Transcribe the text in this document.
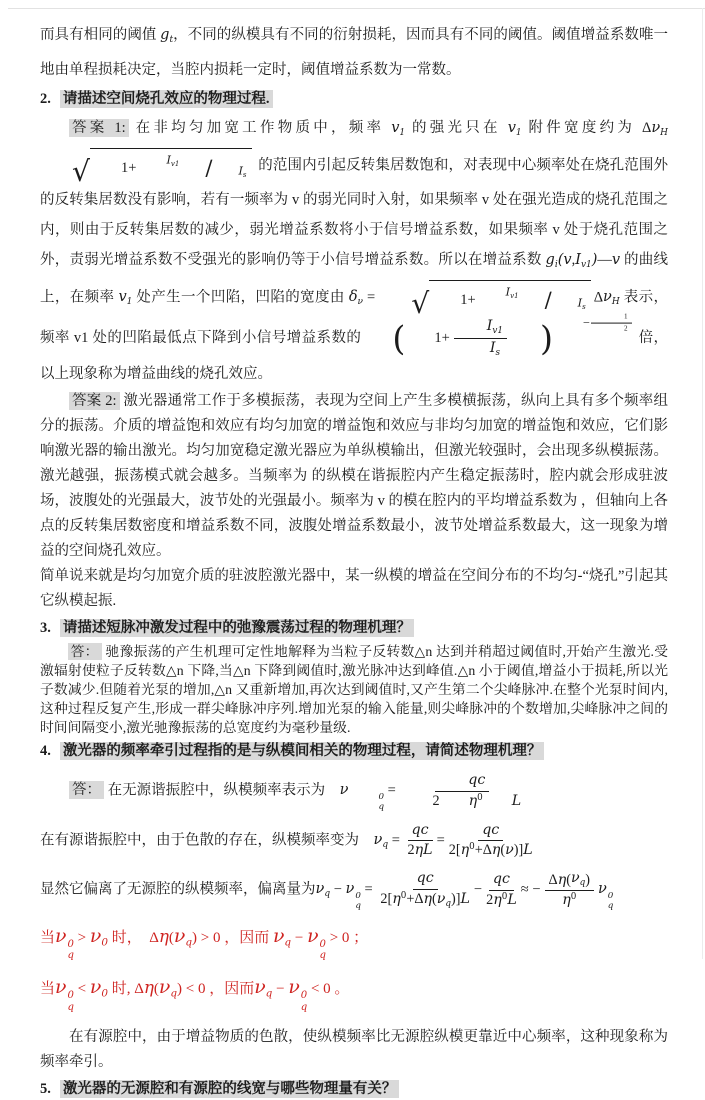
而具有相同的阈值 $g_t$，不同的纵模具有不同的衍射损耗，因而具有不同的阈值。阈值增益系数唯一地由单程损耗决定，当腔内损耗一定时，阈值增益系数为一常数。
2. 请描述空间烧孔效应的物理过程.
答案 1: 在非均匀加宽工作物质中，频率 $v_1$ 的强光只在 $v_1$ 附件宽度约为 $\Delta\nu_H$
√	1+	$I_{v1}$	∕	$I_s$
的范围内引起反转集居数饱和，对表现中心频率处在烧孔范围外的反转集居数没有影响，若有一频率为 v 的弱光同时入射，如果频率 v 处在强光造成的烧孔范围之内，则由于反转集居数的减少，弱光增益系数将小于信号增益系数，如果频率 v 处于烧孔范围之外，责弱光增益系数不受强光的影响仍等于小信号增益系数。所以在增益系数 $g_i(v,I_{v1})—v$ 的曲线上，在频率 $v_1$ 处产生一个凹陷，凹陷的宽度由 $\delta_\nu$ =	√	1+	$I_{v1}$	∕	$I_s$
$\Delta\nu_H$ 表示，频率 v1 处的凹陷最低点下降到小信号增益系数的 (	$1+ \frac{I_{v1}}{I_s}$ )	− $\frac{1}{2}$
倍，以上现象称为增益曲线的烧孔效应。
答案 2: 激光器通常工作于多模振荡，表现为空间上产生多模横振荡，纵向上具有多个频率组分的振荡。介质的增益饱和效应有均匀加宽的增益饱和效应与非均匀加宽的增益饱和效应，它们影响激光器的输出激光。均匀加宽稳定激光器应为单纵模输出，但激光较强时，会出现多纵模振荡。激光越强，振荡模式就会越多。当频率为 的纵模在谐振腔内产生稳定振荡时，腔内就会形成驻波场，波腹处的光强最大，波节处的光强最小。频率为 v 的模在腔内的平均增益系数为 ，但轴向上各点的反转集居数密度和增益系数不同，波腹处增益系数最小，波节处增益系数最大，这一现象为增益的空间烧孔效应。
简单说来就是均匀加宽介质的驻波腔激光器中，某一纵模的增益在空间分布的不均匀-“烧孔”引起其它纵模起振.
3. 请描述短脉冲激发过程中的弛豫震荡过程的物理机理？
答： 驰豫振荡的产生机理可定性地解释为当粒子反转数△n 达到并稍超过阈值时,开始产生激光.受激辐射使粒子反转数△n 下降,当△n 下降到阈值时,激光脉冲达到峰值.△n 小于阈值,增益小于损耗,所以光子数减少.但随着光泵的增加,△n 又重新增加,再次达到阈值时,又产生第二个尖峰脉冲.在整个光泵时间内,这种过程反复产生,形成一群尖峰脉冲序列.增加光泵的输入能量,则尖峰脉冲的个数增加,尖峰脉冲之间的时间间隔变小,激光驰豫振荡的总宽度约为毫秒量级.
4. 激光器的频率牵引过程指的是与纵模间相关的物理过程，请简述物理机理？
答： 在无源谐振腔中，纵模频率表示为　ν	0
q
= qc
2	$\eta^0$	L
在有源谐振腔中，由于色散的存在，纵模频率变为　$\nu_q = \frac{qc}{2 \eta L} = \frac{qc}{2[ \eta^0 +\Delta \eta ( \nu )] L}$
显然它偏离了无源腔的纵模频率，偏离量为$\nu_q - \nu$ 0
q
= $\frac{qc}{2[ \eta^0 +\Delta \eta ( \nu_q )] L} - \frac{qc}{2 \eta^0 L}$ ≈ − $\frac{\Delta \eta ( \nu_q )}{\eta^0}$ ν 0
q
当ν 0
q
> $\nu_0$ 时，　$\Delta\eta(\nu_q) > 0$ ，因而 $\nu_q - \nu$ 0
q
> 0 ；
当ν 0
q
< $\nu_0$ 时, $\Delta\eta(\nu_q) < 0$ ，因而$\nu_q - \nu$ 0
q
< 0 。
在有源腔中，由于增益物质的色散，使纵模频率比无源腔纵模更靠近中心频率，这种现象称为频率牵引。
5. 激光器的无源腔和有源腔的线宽与哪些物理量有关？
